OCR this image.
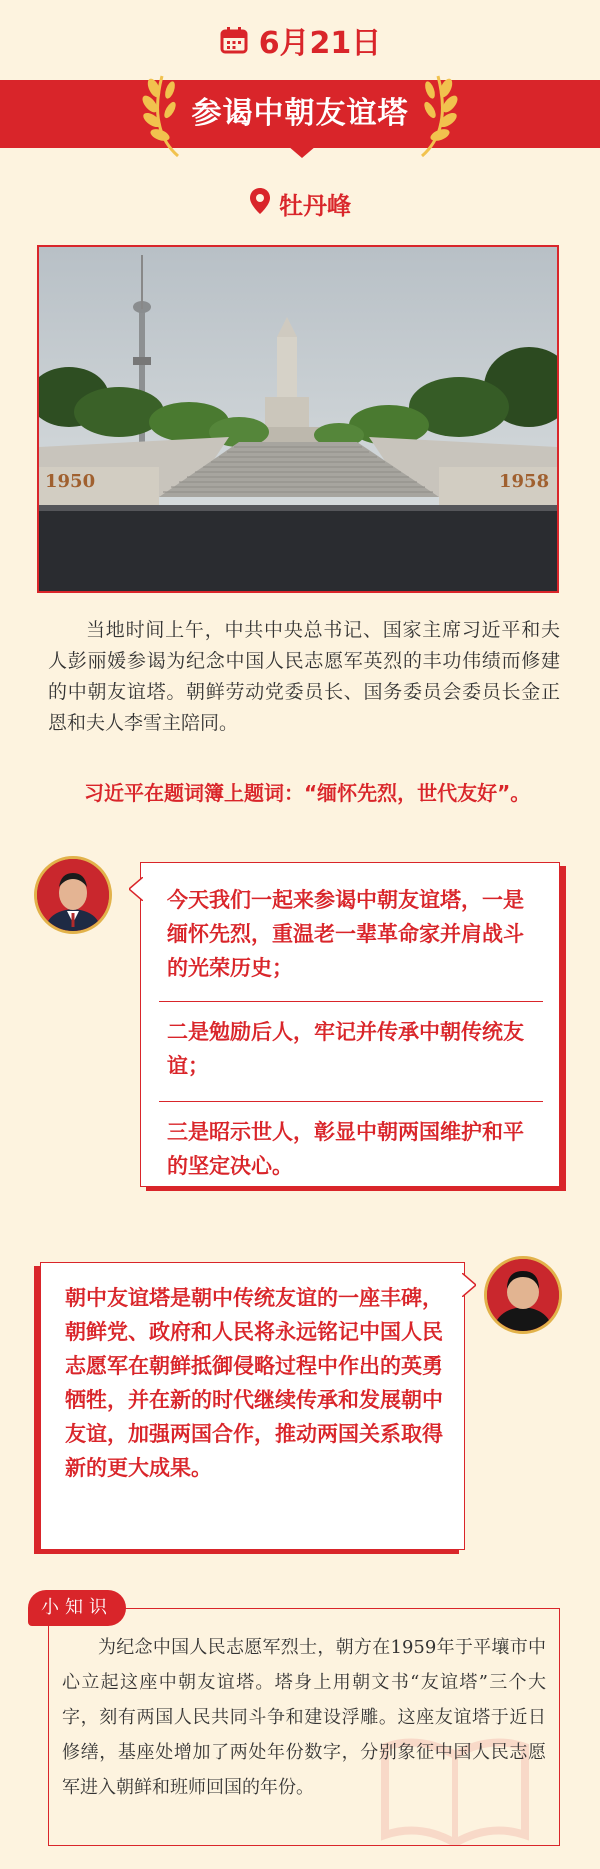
6月21日
参谒中朝友谊塔
牡丹峰
1950	1958
当地时间上午，中共中央总书记、国家主席习近平和夫人彭丽媛参谒为纪念中国人民志愿军英烈的丰功伟绩而修建的中朝友谊塔。朝鲜劳动党委员长、国务委员会委员长金正恩和夫人李雪主陪同。
习近平在题词簿上题词：“缅怀先烈，世代友好”。
今天我们一起来参谒中朝友谊塔，一是缅怀先烈，重温老一辈革命家并肩战斗的光荣历史；
二是勉励后人，牢记并传承中朝传统友谊；
三是昭示世人，彰显中朝两国维护和平的坚定决心。
朝中友谊塔是朝中传统友谊的一座丰碑，朝鲜党、政府和人民将永远铭记中国人民志愿军在朝鲜抵御侵略过程中作出的英勇牺牲，并在新的时代继续传承和发展朝中友谊，加强两国合作，推动两国关系取得新的更大成果。
小知识
为纪念中国人民志愿军烈士，朝方在1959年于平壤市中心立起这座中朝友谊塔。塔身上用朝文书“友谊塔”三个大字，刻有两国人民共同斗争和建设浮雕。这座友谊塔于近日修缮，基座处增加了两处年份数字，分别象征中国人民志愿军进入朝鲜和班师回国的年份。
